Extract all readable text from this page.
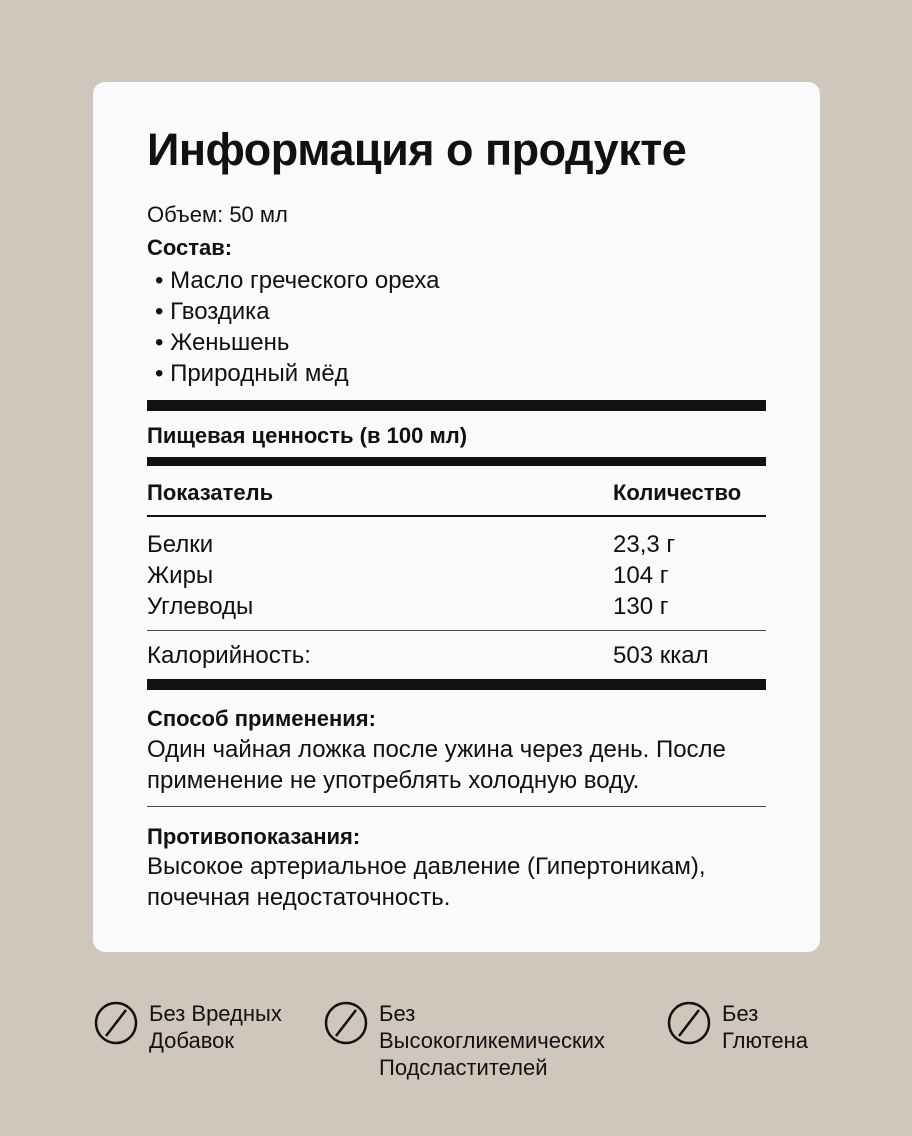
Информация о продукте
Объем: 50 мл
Состав:
• Масло греческого ореха
• Гвоздика
• Женьшень
• Природный мёд
Пищевая ценность (в 100 мл)
Показатель	Количество
Белки	23,3 г
Жиры	104 г
Углеводы	130 г
Калорийность:	503 ккал
Способ применения:
Один чайная ложка после ужина через день. После применение не употреблять холодную воду.
Противопоказания:
Высокое артериальное давление (Гипертоникам), почечная недостаточность.
Без Вредных
Добавок
Без
Высокогликемических
Подсластителей
Без
Глютена
